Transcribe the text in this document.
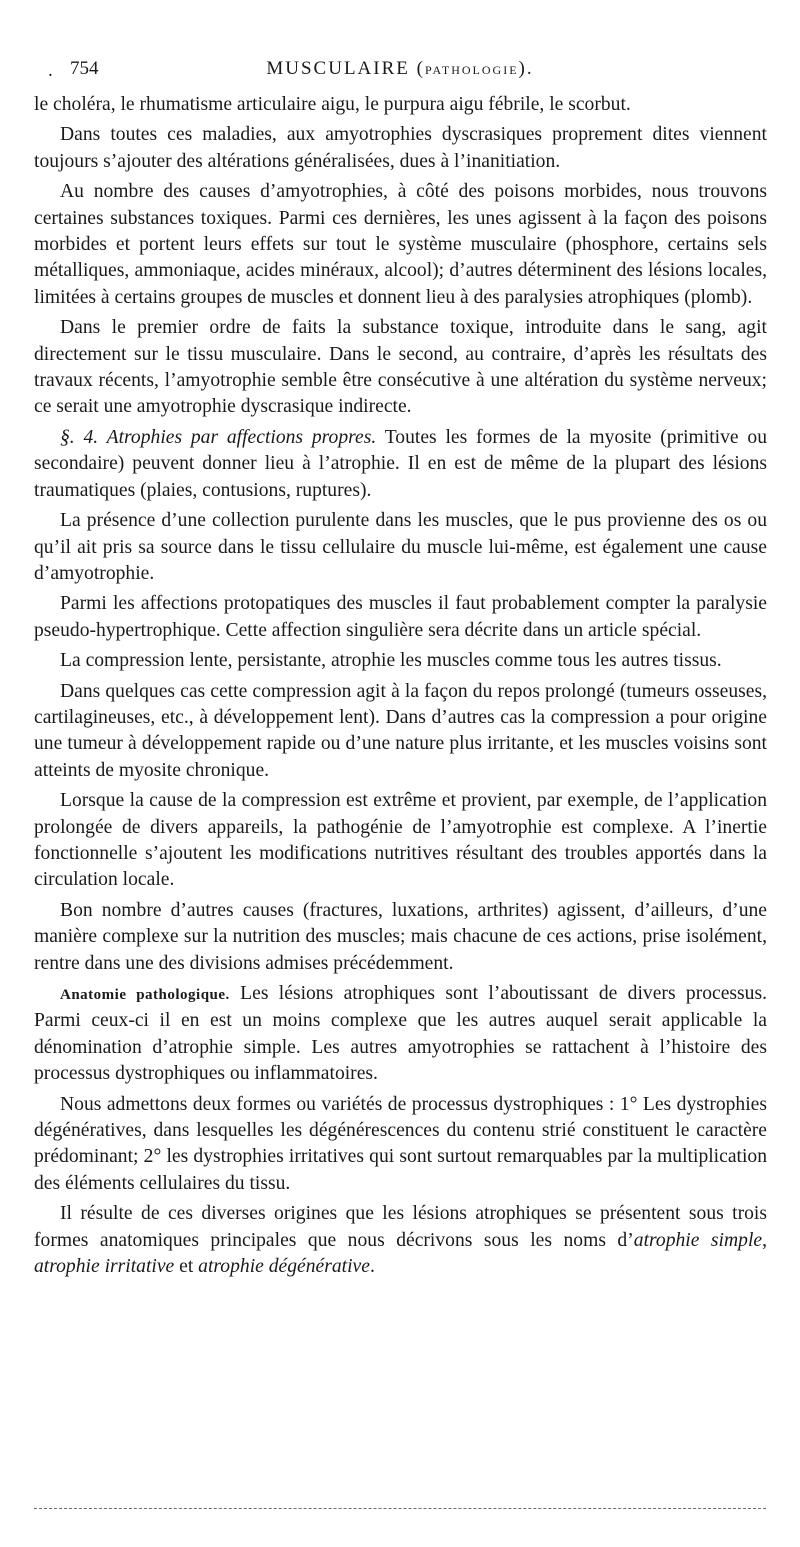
. 754	MUSCULAIRE (PATHOLOGIE).

le choléra, le rhumatisme articulaire aigu, le purpura aigu fébrile, le scorbut.

Dans toutes ces maladies, aux amyotrophies dyscrasiques proprement dites viennent toujours s’ajouter des altérations généralisées, dues à l’inanitiation.

Au nombre des causes d’amyotrophies, à côté des poisons morbides, nous trouvons certaines substances toxiques. Parmi ces dernières, les unes agissent à la façon des poisons morbides et portent leurs effets sur tout le système musculaire (phosphore, certains sels métalliques, ammoniaque, acides minéraux, alcool); d’autres déterminent des lésions locales, limitées à certains groupes de muscles et donnent lieu à des paralysies atrophiques (plomb).

Dans le premier ordre de faits la substance toxique, introduite dans le sang, agit directement sur le tissu musculaire. Dans le second, au contraire, d’après les résultats des travaux récents, l’amyotrophie semble être consécutive à une altération du système nerveux; ce serait une amyotrophie dyscrasique indirecte.

§. 4. Atrophies par affections propres. Toutes les formes de la myosite (primitive ou secondaire) peuvent donner lieu à l’atrophie. Il en est de même de la plupart des lésions traumatiques (plaies, contusions, ruptures).

La présence d’une collection purulente dans les muscles, que le pus provienne des os ou qu’il ait pris sa source dans le tissu cellulaire du muscle lui-même, est également une cause d’amyotrophie.

Parmi les affections protopatiques des muscles il faut probablement compter la paralysie pseudo-hypertrophique. Cette affection singulière sera décrite dans un article spécial.

La compression lente, persistante, atrophie les muscles comme tous les autres tissus.

Dans quelques cas cette compression agit à la façon du repos prolongé (tumeurs osseuses, cartilagineuses, etc., à développement lent). Dans d’autres cas la compression a pour origine une tumeur à développement rapide ou d’une nature plus irritante, et les muscles voisins sont atteints de myosite chronique.

Lorsque la cause de la compression est extrême et provient, par exemple, de l’application prolongée de divers appareils, la pathogénie de l’amyotrophie est complexe. A l’inertie fonctionnelle s’ajoutent les modifications nutritives résultant des troubles apportés dans la circulation locale.

Bon nombre d’autres causes (fractures, luxations, arthrites) agissent, d’ailleurs, d’une manière complexe sur la nutrition des muscles; mais chacune de ces actions, prise isolément, rentre dans une des divisions admises précédemment.

Anatomie pathologique. Les lésions atrophiques sont l’aboutissant de divers processus. Parmi ceux-ci il en est un moins complexe que les autres auquel serait applicable la dénomination d’atrophie simple. Les autres amyotrophies se rattachent à l’histoire des processus dystrophiques ou inflammatoires.

Nous admettons deux formes ou variétés de processus dystrophiques : 1° Les dystrophies dégénératives, dans lesquelles les dégénérescences du contenu strié constituent le caractère prédominant; 2° les dystrophies irritatives qui sont surtout remarquables par la multiplication des éléments cellulaires du tissu.

Il résulte de ces diverses origines que les lésions atrophiques se présentent sous trois formes anatomiques principales que nous décrivons sous les noms d’atrophie simple, atrophie irritative et atrophie dégénérative.
